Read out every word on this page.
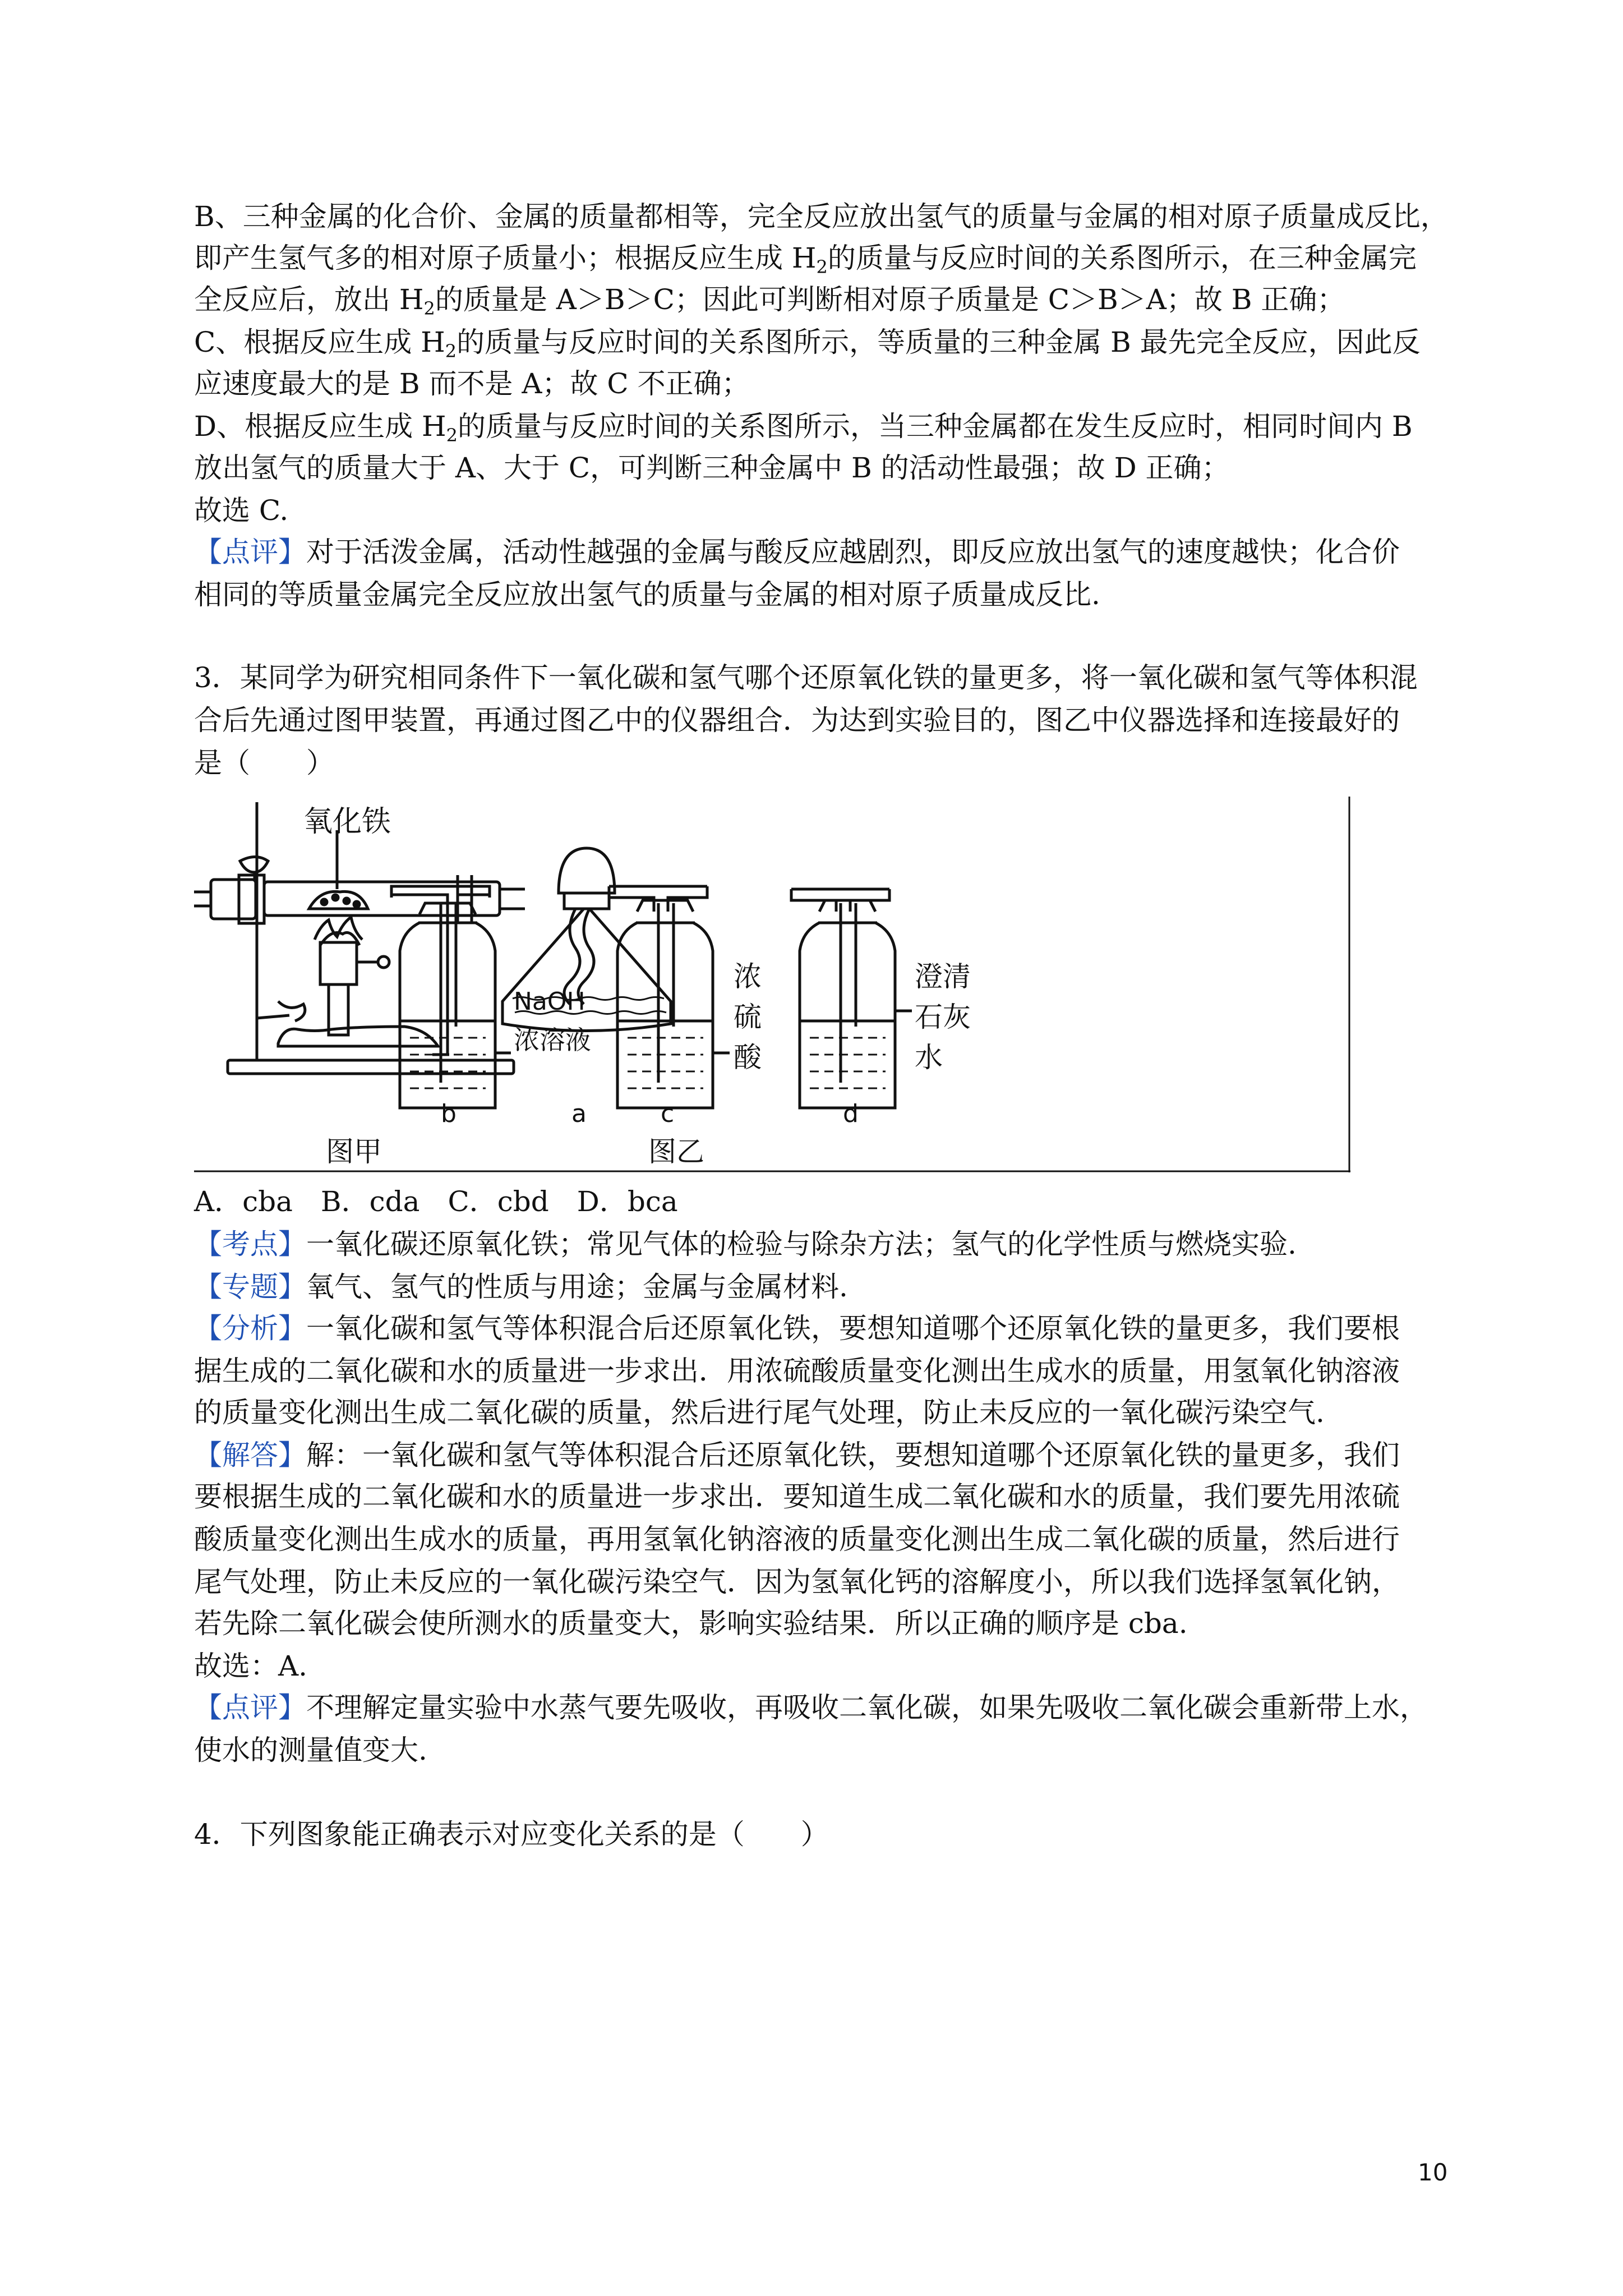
B、三种金属的化合价、金属的质量都相等，完全反应放出氢气的质量与金属的相对原子质量成反比，
即产生氢气多的相对原子质量小；根据反应生成 $H_2$的质量与反应时间的关系图所示，在三种金属完
全反应后，放出 $H_2$的质量是 A＞B＞C；因此可判断相对原子质量是 C＞B＞A；故 B 正确；
C、根据反应生成 $H_2$的质量与反应时间的关系图所示，等质量的三种金属 B 最先完全反应，因此反
应速度最大的是 B 而不是 A；故 C 不正确；
D、根据反应生成 $H_2$的质量与反应时间的关系图所示，当三种金属都在发生反应时，相同时间内 B
放出氢气的质量大于 A、大于 C，可判断三种金属中 B 的活动性最强；故 D 正确；
故选 C.
【点评】对于活泼金属，活动性越强的金属与酸反应越剧烈，即反应放出氢气的速度越快；化合价
相同的等质量金属完全反应放出氢气的质量与金属的相对原子质量成反比.
3．某同学为研究相同条件下一氧化碳和氢气哪个还原氧化铁的量更多，将一氧化碳和氢气等体积混
合后先通过图甲装置，再通过图乙中的仪器组合．为达到实验目的，图乙中仪器选择和连接最好的
是（　　）
氧化铁
a
b	c	d
NaOH
浓溶液
浓
硫
酸
澄清
石灰
水
图甲	图乙
A．cba　B．cda　C．cbd　D．bca
【考点】一氧化碳还原氧化铁；常见气体的检验与除杂方法；氢气的化学性质与燃烧实验.
【专题】氧气、氢气的性质与用途；金属与金属材料.
【分析】一氧化碳和氢气等体积混合后还原氧化铁，要想知道哪个还原氧化铁的量更多，我们要根
据生成的二氧化碳和水的质量进一步求出．用浓硫酸质量变化测出生成水的质量，用氢氧化钠溶液
的质量变化测出生成二氧化碳的质量，然后进行尾气处理，防止未反应的一氧化碳污染空气.
【解答】解：一氧化碳和氢气等体积混合后还原氧化铁，要想知道哪个还原氧化铁的量更多，我们
要根据生成的二氧化碳和水的质量进一步求出．要知道生成二氧化碳和水的质量，我们要先用浓硫
酸质量变化测出生成水的质量，再用氢氧化钠溶液的质量变化测出生成二氧化碳的质量，然后进行
尾气处理，防止未反应的一氧化碳污染空气．因为氢氧化钙的溶解度小，所以我们选择氢氧化钠，
若先除二氧化碳会使所测水的质量变大，影响实验结果．所以正确的顺序是 cba.
故选：A.
【点评】不理解定量实验中水蒸气要先吸收，再吸收二氧化碳，如果先吸收二氧化碳会重新带上水，
使水的测量值变大.
4．下列图象能正确表示对应变化关系的是（　　）
10
